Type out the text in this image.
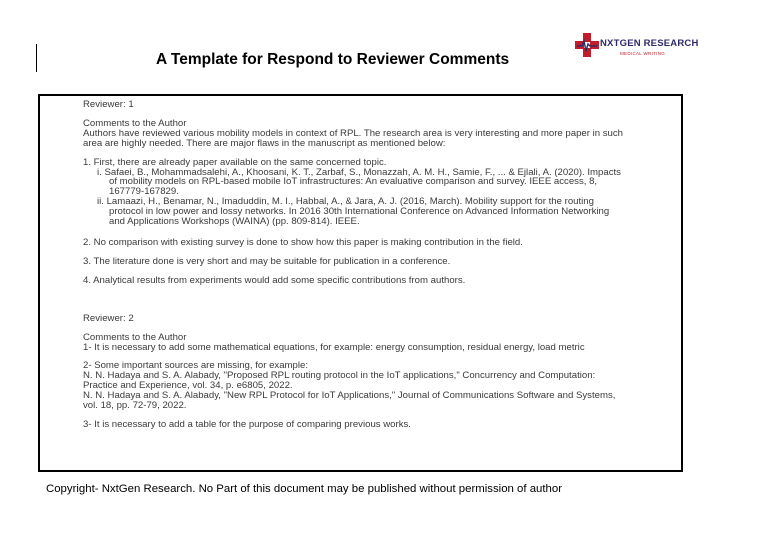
A Template for Respond to Reviewer Comments
NXTGEN RESEARCH
MEDICAL WRITING

Reviewer: 1

Comments to the Author

Authors have reviewed various mobility models in context of RPL. The research area is very interesting and more paper in such area are highly needed. There are major flaws in the manuscript as mentioned below:

1. First, there are already paper available on the same concerned topic.

i. Safaei, B., Mohammadsalehi, A., Khoosani, K. T., Zarbaf, S., Monazzah, A. M. H., Samie, F., ... & Ejlali, A. (2020). Impacts of mobility models on RPL-based mobile IoT infrastructures: An evaluative comparison and survey. IEEE access, 8, 167779-167829.

ii. Lamaazi, H., Benamar, N., Imaduddin, M. I., Habbal, A., & Jara, A. J. (2016, March). Mobility support for the routing protocol in low power and lossy networks. In 2016 30th International Conference on Advanced Information Networking and Applications Workshops (WAINA) (pp. 809-814). IEEE.

2. No comparison with existing survey is done to show how this paper is making contribution in the field.

3. The literature done is very short and may be suitable for publication in a conference.

4. Analytical results from experiments would add some specific contributions from authors.

Reviewer: 2

Comments to the Author

1- It is necessary to add some mathematical equations, for example: energy consumption, residual energy, load metric

2- Some important sources are missing, for example:

N. N. Hadaya and S. A. Alabady, "Proposed RPL routing protocol in the IoT applications," Concurrency and Computation: Practice and Experience, vol. 34, p. e6805, 2022.

N. N. Hadaya and S. A. Alabady, "New RPL Protocol for IoT Applications," Journal of Communications Software and Systems, vol. 18, pp. 72-79, 2022.

3- It is necessary to add a table for the purpose of comparing previous works.

Copyright- NxtGen Research. No Part of this document may be published without permission of author
